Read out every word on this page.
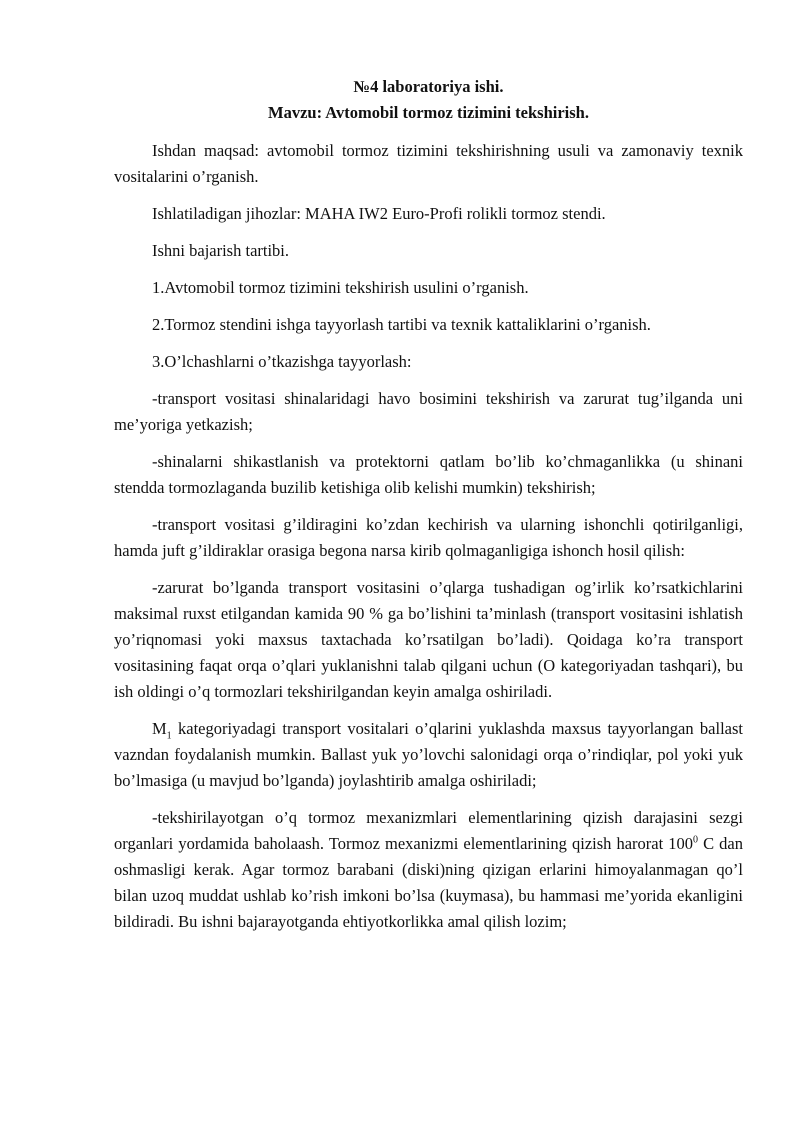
№4 laboratoriya ishi.

Mavzu: Avtomobil tormoz tizimini tekshirish.

Ishdan maqsad: avtomobil tormoz tizimini tekshirishning usuli va zamonaviy texnik vositalarini o’rganish.

Ishlatiladigan jihozlar: MAHA IW2 Euro-Profi rolikli tormoz stendi.

Ishni bajarish tartibi.

1.Avtomobil tormoz tizimini tekshirish usulini o’rganish.

2.Tormoz stendini ishga tayyorlash tartibi va texnik kattaliklarini o’rganish.

3.O’lchashlarni o’tkazishga tayyorlash:

-transport vositasi shinalaridagi havo bosimini tekshirish va zarurat tug’ilganda uni me’yoriga yetkazish;

-shinalarni shikastlanish va protektorni qatlam bo’lib ko’chmaganlikka (u shinani stendda tormozlaganda buzilib ketishiga olib kelishi mumkin) tekshirish;

-transport vositasi g’ildiragini ko’zdan kechirish va ularning ishonchli qotirilganligi, hamda juft g’ildiraklar orasiga begona narsa kirib qolmaganligiga ishonch hosil qilish:

-zarurat bo’lganda transport vositasini o’qlarga tushadigan og’irlik ko’rsatkichlarini maksimal ruxst etilgandan kamida 90 % ga bo’lishini ta’minlash (transport vositasini ishlatish yo’riqnomasi yoki maxsus taxtachada ko’rsatilgan bo’ladi). Qoidaga ko’ra transport vositasining faqat orqa o’qlari yuklanishni talab qilgani uchun (O kategoriyadan tashqari), bu ish oldingi o’q tormozlari tekshirilgandan keyin amalga oshiriladi.

$M_1$ kategoriyadagi transport vositalari o’qlarini yuklashda maxsus tayyorlangan ballast vazndan foydalanish mumkin. Ballast yuk yo’lovchi salonidagi orqa o’rindiqlar, pol yoki yuk bo’lmasiga (u mavjud bo’lganda) joylashtirib amalga oshiriladi;

-tekshirilayotgan o’q tormoz mexanizmlari elementlarining qizish darajasini sezgi organlari yordamida baholaash. Tormoz mexanizmi elementlarining qizish harorat $100^0$ C dan oshmasligi kerak. Agar tormoz barabani (diski)ning qizigan erlarini himoyalanmagan qo’l bilan uzoq muddat ushlab ko’rish imkoni bo’lsa (kuymasa), bu hammasi me’yorida ekanligini bildiradi. Bu ishni bajarayotganda ehtiyotkorlikka amal qilish lozim;
